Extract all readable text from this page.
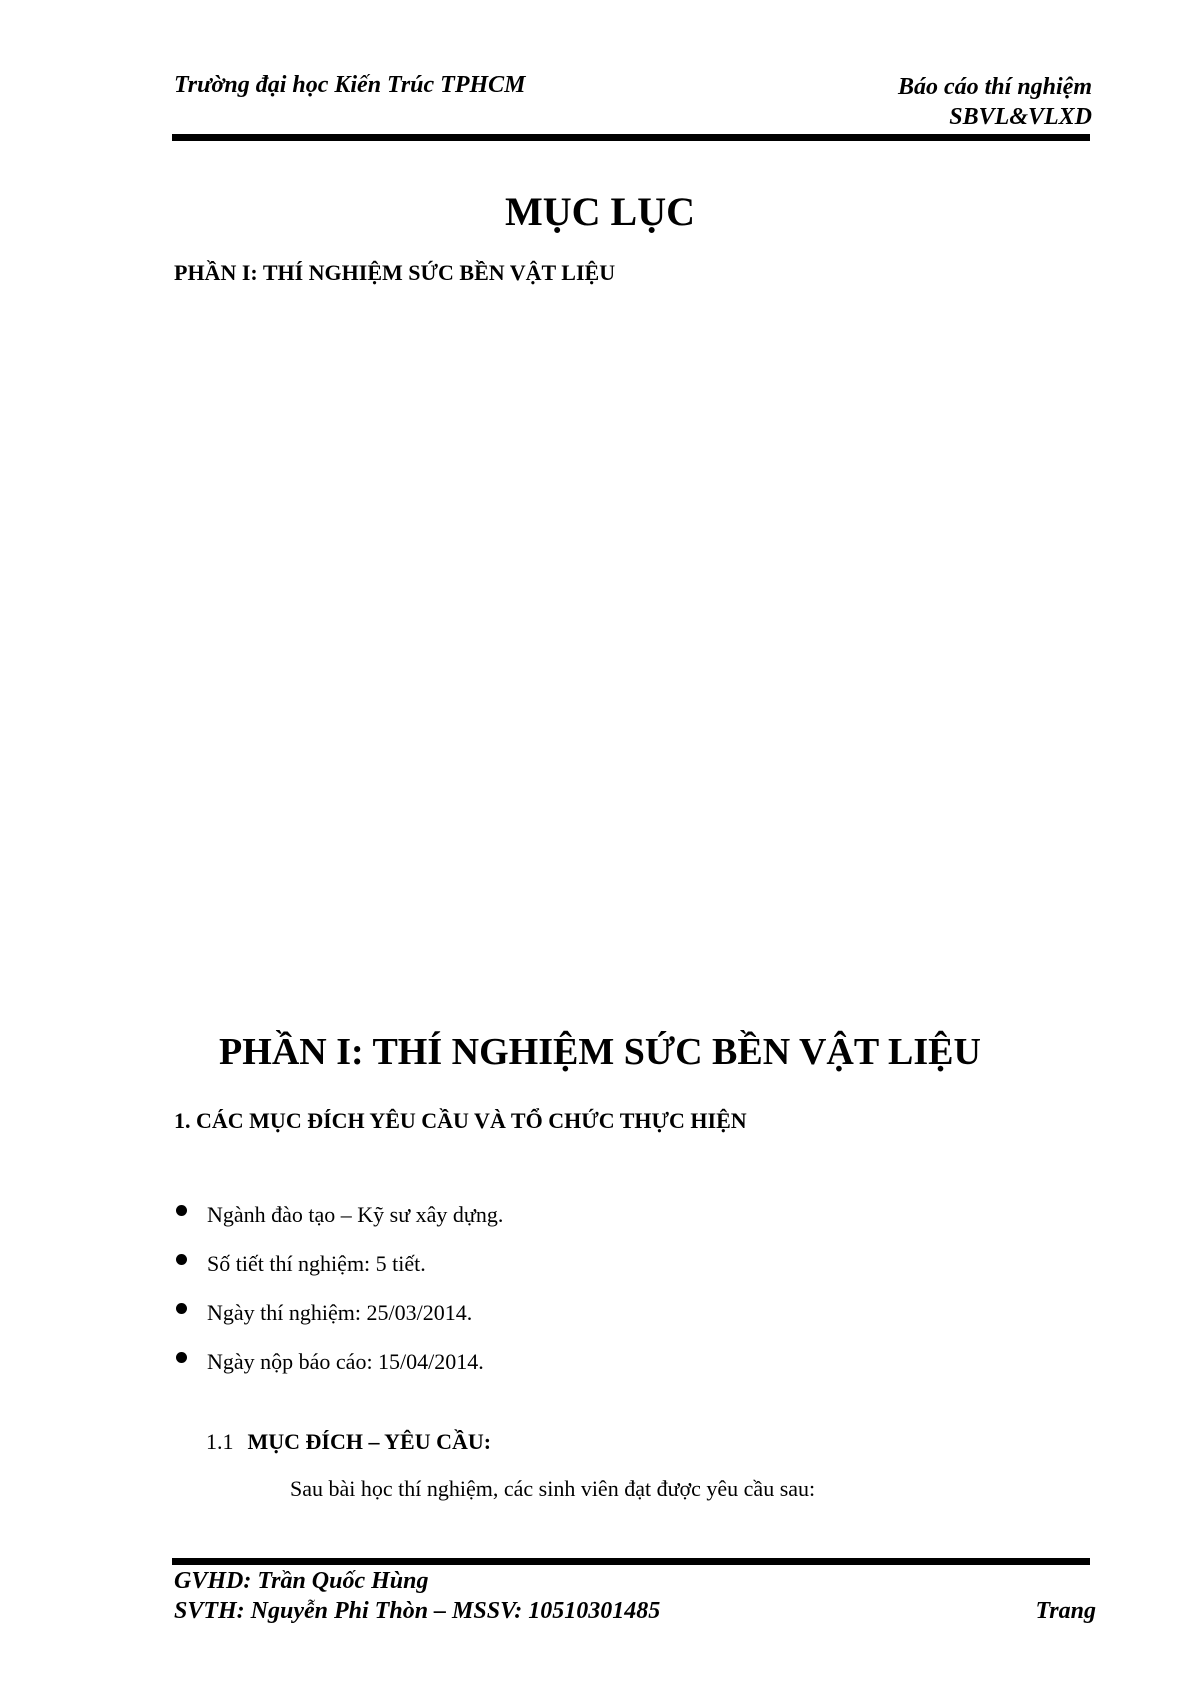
Trường đại học Kiến Trúc TPHCM	Báo cáo thí nghiệm
SBVL&VLXD
MỤC LỤC
PHẦN I: THÍ NGHIỆM SỨC BỀN VẬT LIỆU
PHẦN I: THÍ NGHIỆM SỨC BỀN VẬT LIỆU
1. CÁC MỤC ĐÍCH YÊU CẦU VÀ TỔ CHỨC THỰC HIỆN
Ngành đào tạo – Kỹ sư xây dựng.
Số tiết thí nghiệm: 5 tiết.
Ngày thí nghiệm: 25/03/2014.
Ngày nộp báo cáo: 15/04/2014.
1.1 MỤC ĐÍCH – YÊU CẦU:
Sau bài học thí nghiệm, các sinh viên đạt được yêu cầu sau:
GVHD: Trần Quốc Hùng
SVTH: Nguyễn Phi Thòn – MSSV: 10510301485	Trang
